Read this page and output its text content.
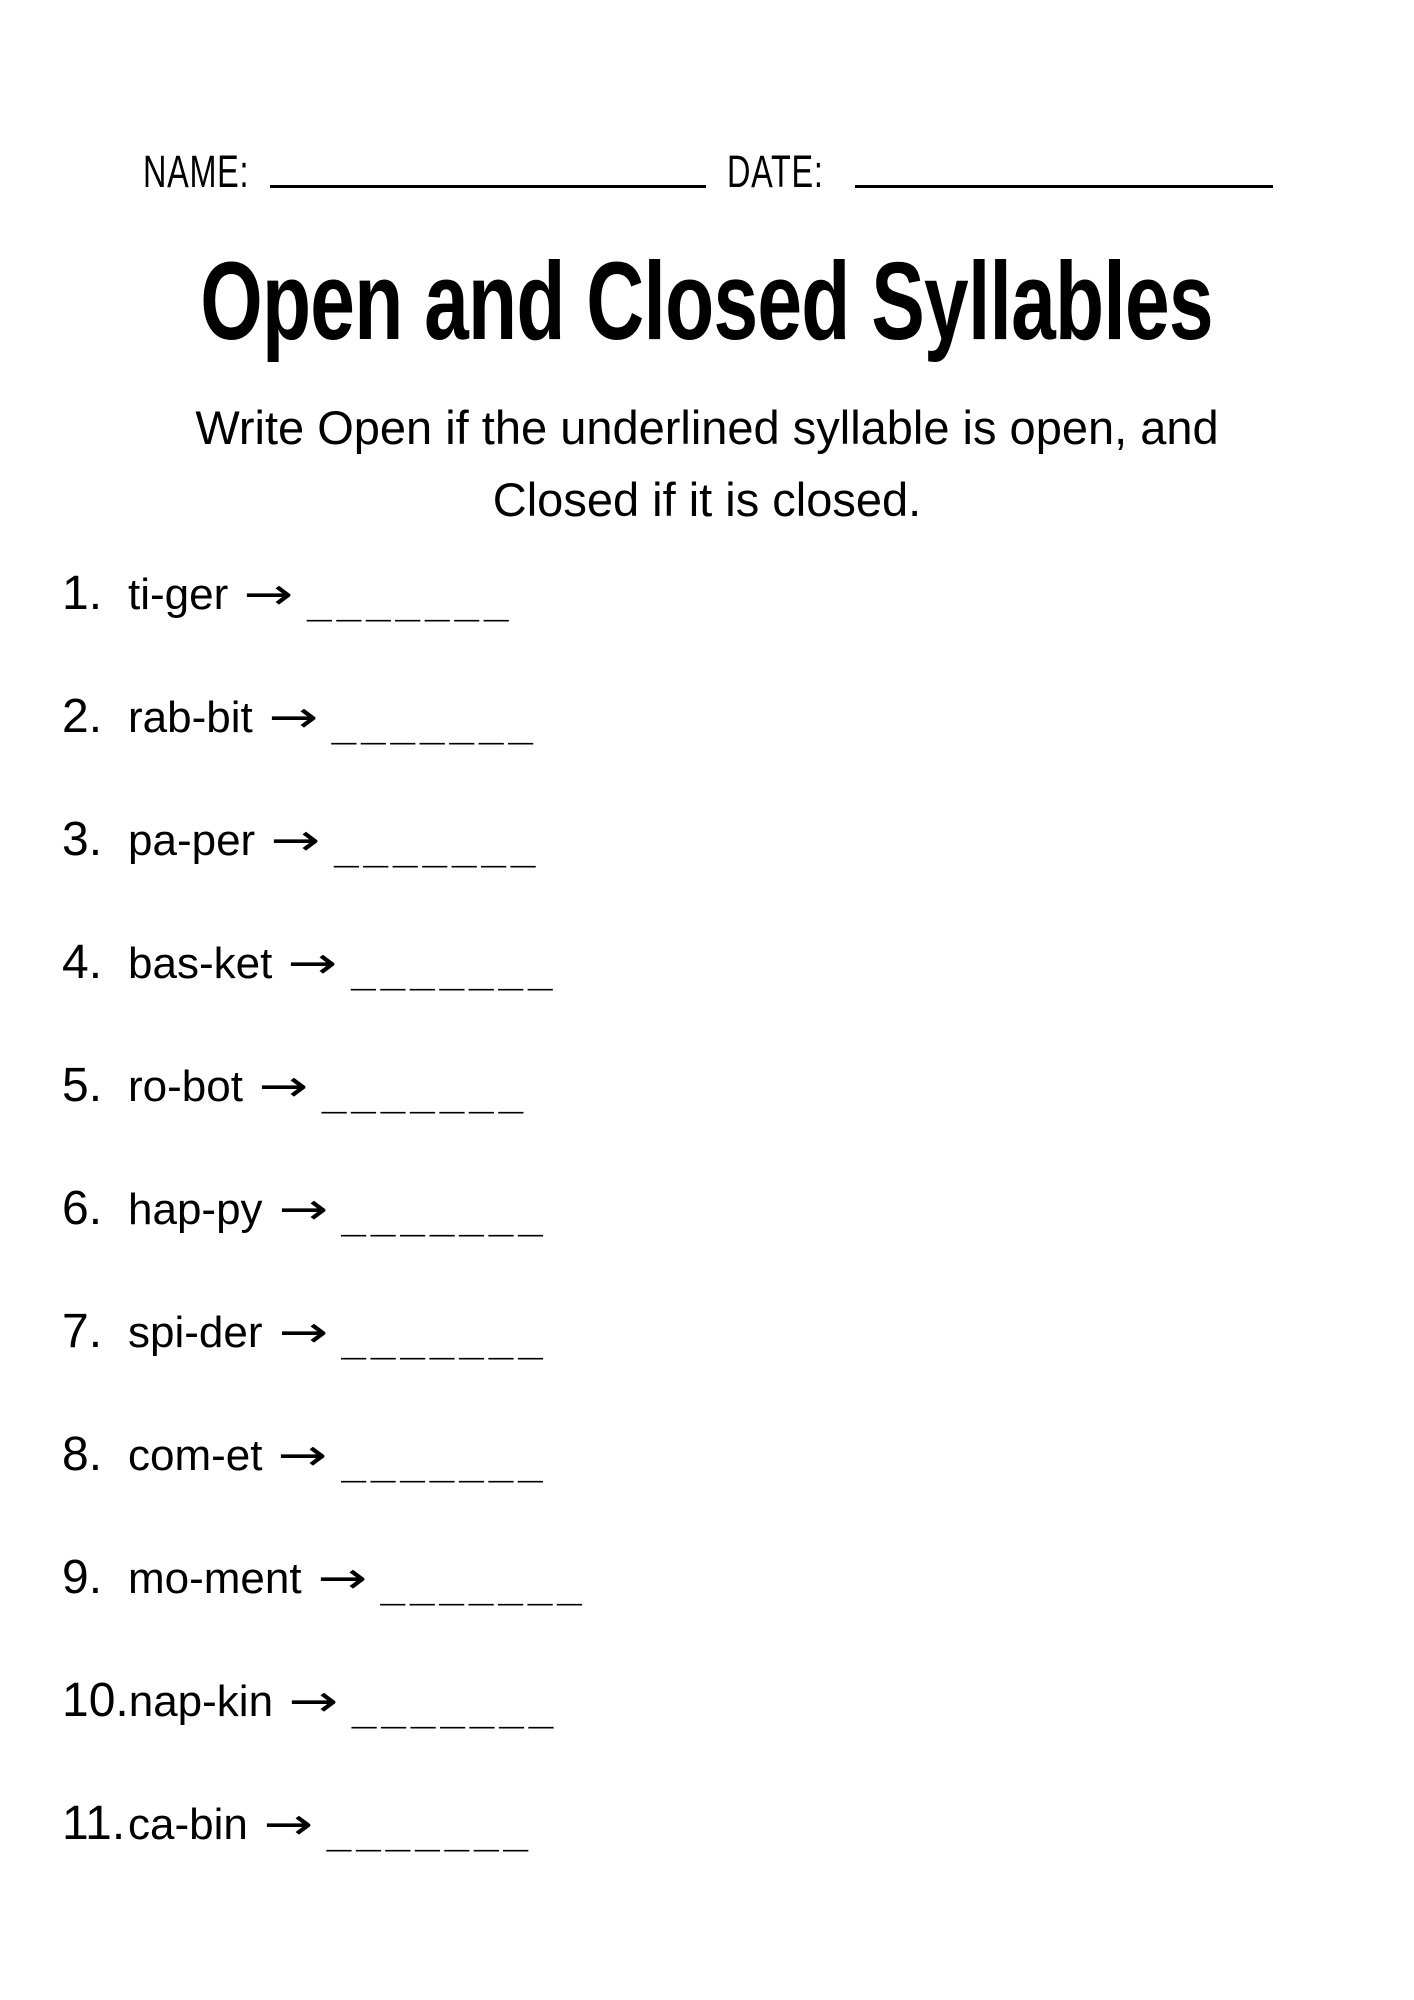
NAME:	DATE:
Open and Closed Syllables
Write Open if the underlined syllable is open, and
Closed if it is closed.
1. ti-ger → _______
2. rab-bit → _______
3. pa-per → _______
4. bas-ket → _______
5. ro-bot → _______
6. hap-py → _______
7. spi-der → _______
8. com-et → _______
9. mo-ment → _______
10.nap-kin → _______
11.ca-bin → _______
